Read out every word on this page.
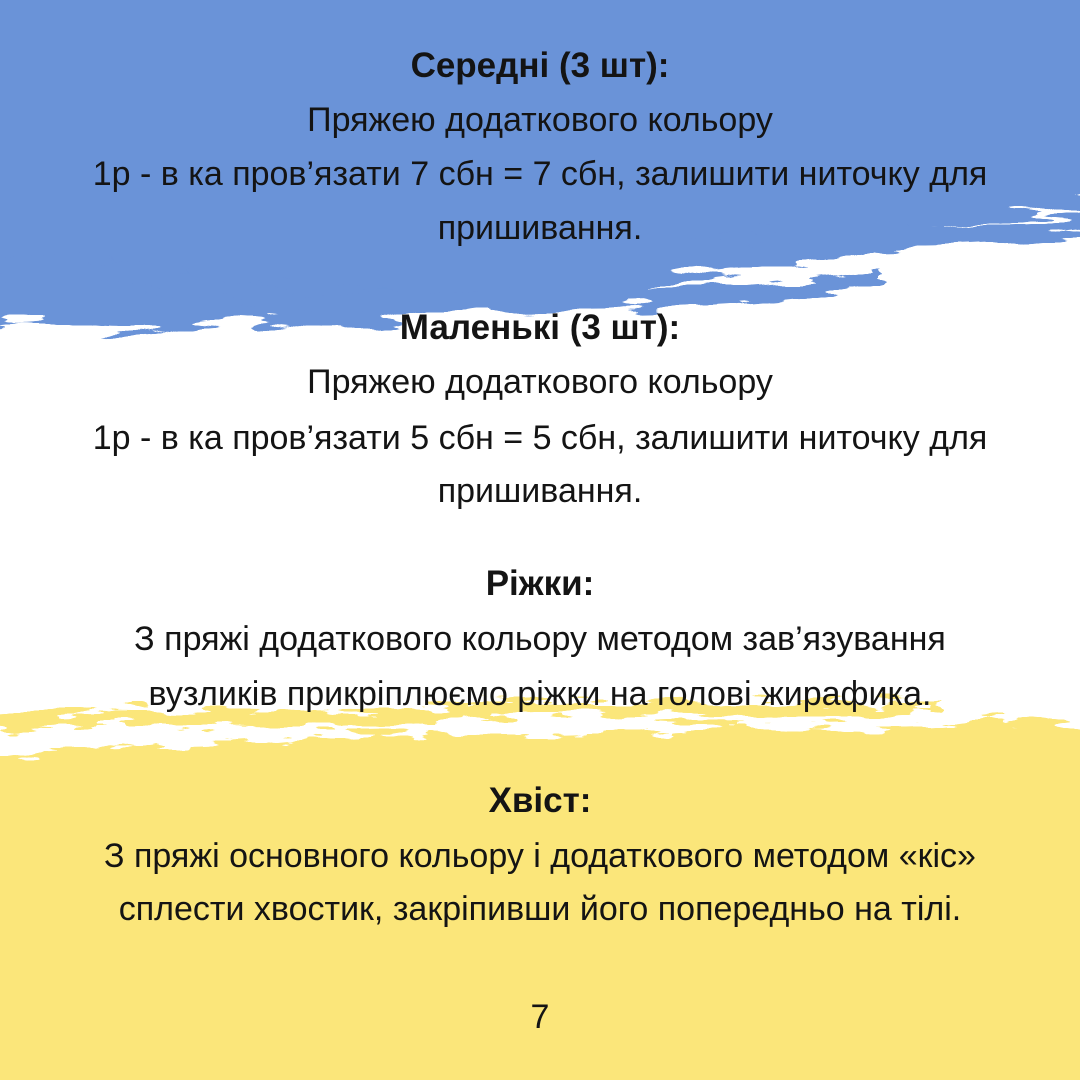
Середні (3 шт):
Пряжею додаткового кольору
1р - в ка пров’язати 7 сбн = 7 сбн, залишити ниточку для
пришивання.
Маленькі (3 шт):
Пряжею додаткового кольору
1р - в ка пров’язати 5 сбн = 5 сбн, залишити ниточку для
пришивання.
Ріжки:
З пряжі додаткового кольору методом зав’язування
вузликів прикріплюємо ріжки на голові жирафика.
Хвіст:
З пряжі основного кольору і додаткового методом «кіс»
сплести хвостик, закріпивши його попередньо на тілі.
7
